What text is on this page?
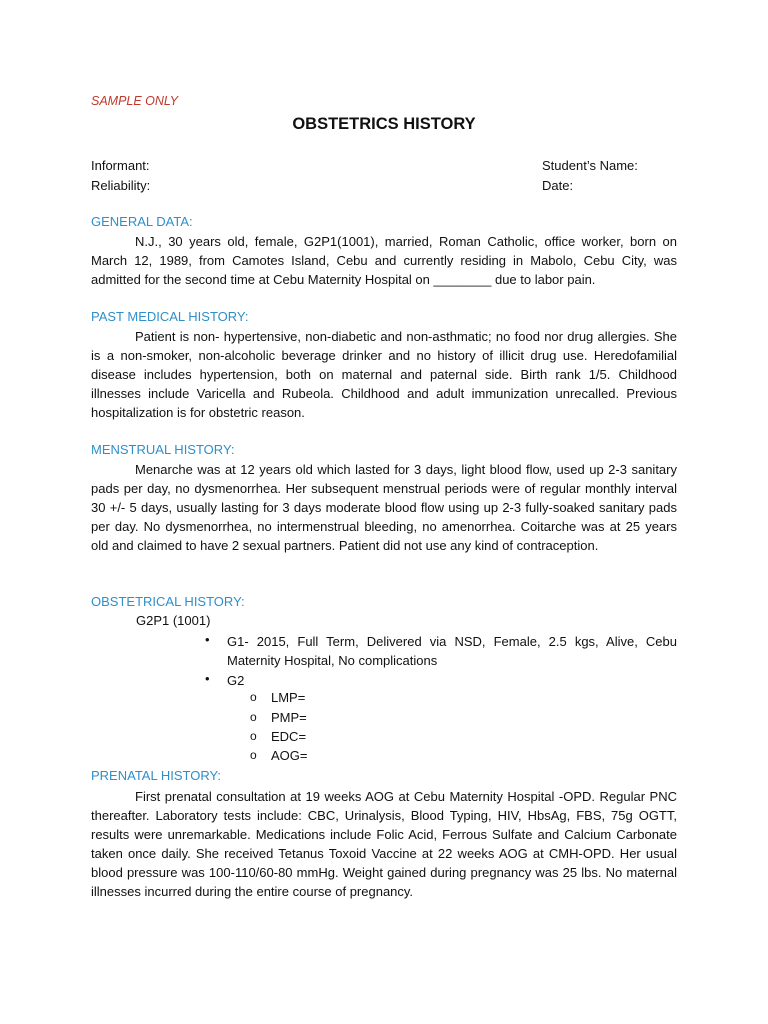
SAMPLE ONLY
OBSTETRICS HISTORY
Informant:
Reliability:
Student’s Name:
Date:
GENERAL DATA:

N.J., 30 years old, female, G2P1(1001), married, Roman Catholic, office worker, born on March 12, 1989, from Camotes Island, Cebu and currently residing in Mabolo, Cebu City, was admitted for the second time at Cebu Maternity Hospital on ________ due to labor pain.

PAST MEDICAL HISTORY:

Patient is non- hypertensive, non-diabetic and non-asthmatic; no food nor drug allergies. She is a non-smoker, non-alcoholic beverage drinker and no history of illicit drug use. Heredofamilial disease includes hypertension, both on maternal and paternal side. Birth rank 1/5. Childhood illnesses include Varicella and Rubeola. Childhood and adult immunization unrecalled. Previous hospitalization is for obstetric reason.

MENSTRUAL HISTORY:

Menarche was at 12 years old which lasted for 3 days, light blood flow, used up 2-3 sanitary pads per day, no dysmenorrhea. Her subsequent menstrual periods were of regular monthly interval 30 +/- 5 days, usually lasting for 3 days moderate blood flow using up 2-3 fully-soaked sanitary pads per day. No dysmenorrhea, no intermenstrual bleeding, no amenorrhea. Coitarche was at 25 years old and claimed to have 2 sexual partners. Patient did not use any kind of contraception.

OBSTETRICAL HISTORY:
G2P1 (1001)
• G1- 2015, Full Term, Delivered via NSD, Female, 2.5 kgs, Alive, Cebu Maternity Hospital, No complications
• G2
o LMP=
o PMP=
o EDC=
o AOG=
PRENATAL HISTORY:

First prenatal consultation at 19 weeks AOG at Cebu Maternity Hospital -OPD. Regular PNC thereafter. Laboratory tests include: CBC, Urinalysis, Blood Typing, HIV, HbsAg, FBS, 75g OGTT, results were unremarkable. Medications include Folic Acid, Ferrous Sulfate and Calcium Carbonate taken once daily. She received Tetanus Toxoid Vaccine at 22 weeks AOG at CMH-OPD. Her usual blood pressure was 100-110/60-80 mmHg. Weight gained during pregnancy was 25 lbs. No maternal illnesses incurred during the entire course of pregnancy.
